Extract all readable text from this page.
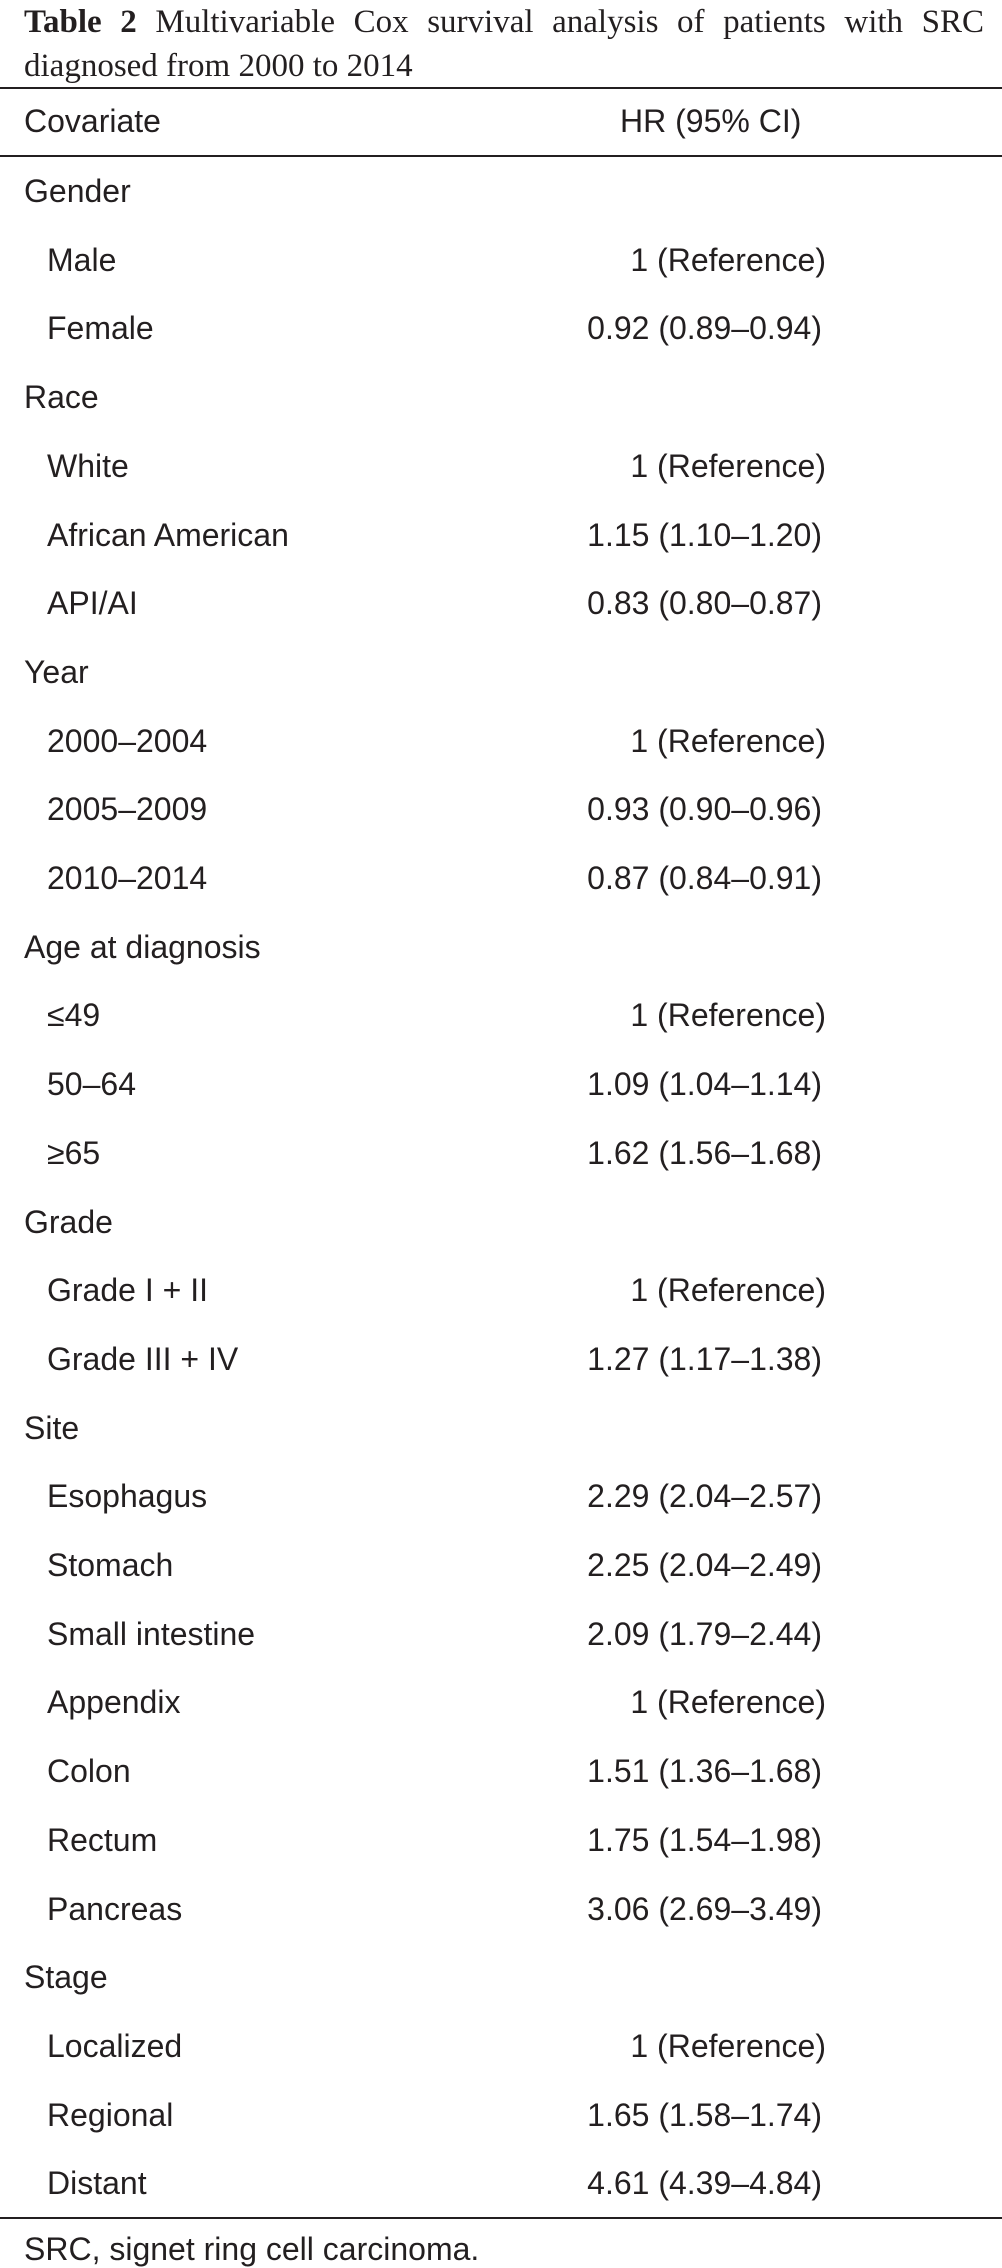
Table 2 Multivariable Cox survival analysis of patients with SRC diagnosed from 2000 to 2014
Covariate	HR (95% CI)
Gender
Male	1 (Reference)
Female	0.92 (0.89–0.94)
Race
White	1 (Reference)
African American	1.15 (1.10–1.20)
API/AI	0.83 (0.80–0.87)
Year
2000–2004	1 (Reference)
2005–2009	0.93 (0.90–0.96)
2010–2014	0.87 (0.84–0.91)
Age at diagnosis
≤49	1 (Reference)
50–64	1.09 (1.04–1.14)
≥65	1.62 (1.56–1.68)
Grade
Grade I + II	1 (Reference)
Grade III + IV	1.27 (1.17–1.38)
Site
Esophagus	2.29 (2.04–2.57)
Stomach	2.25 (2.04–2.49)
Small intestine	2.09 (1.79–2.44)
Appendix	1 (Reference)
Colon	1.51 (1.36–1.68)
Rectum	1.75 (1.54–1.98)
Pancreas	3.06 (2.69–3.49)
Stage
Localized	1 (Reference)
Regional	1.65 (1.58–1.74)
Distant	4.61 (4.39–4.84)
SRC, signet ring cell carcinoma.
